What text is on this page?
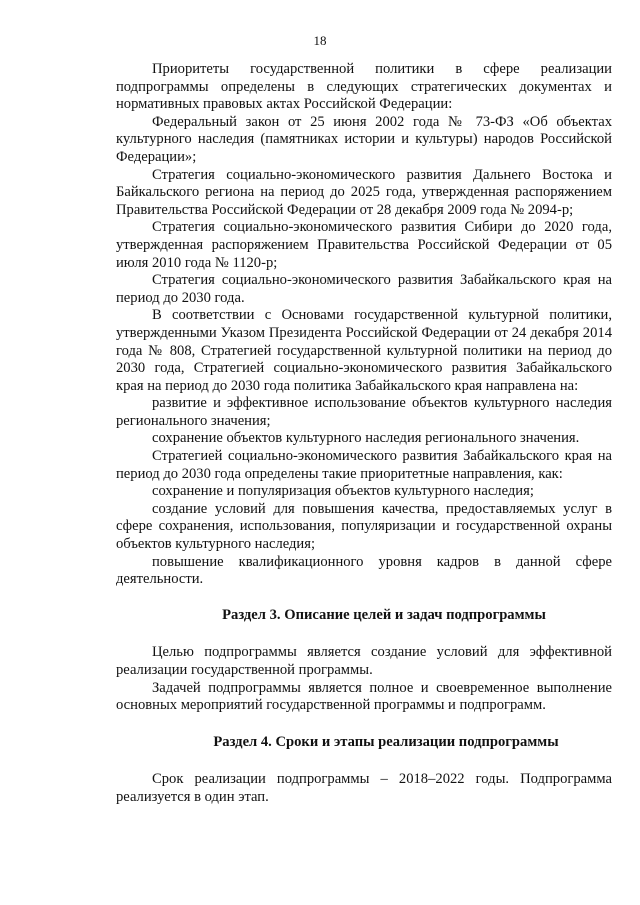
18

Приоритеты государственной политики в сфере реализации подпрограммы определены в следующих стратегических документах и нормативных правовых актах Российской Федерации:

Федеральный закон от 25 июня 2002 года № 73-ФЗ «Об объектах культурного наследия (памятниках истории и культуры) народов Российской Федерации»;

Стратегия социально-экономического развития Дальнего Востока и Байкальского региона на период до 2025 года, утвержденная распоряжением Правительства Российской Федерации от 28 декабря 2009 года № 2094-р;

Стратегия социально-экономического развития Сибири до 2020 года, утвержденная распоряжением Правительства Российской Федерации от 05 июля 2010 года № 1120-р;

Стратегия социально-экономического развития Забайкальского края на период до 2030 года.

В соответствии с Основами государственной культурной политики, утвержденными Указом Президента Российской Федерации от 24 декабря 2014 года № 808, Стратегией государственной культурной политики на период до 2030 года, Стратегией социально-экономического развития Забайкальского края на период до 2030 года политика Забайкальского края направлена на:

развитие и эффективное использование объектов культурного наследия регионального значения;

сохранение объектов культурного наследия регионального значения.

Стратегией социально-экономического развития Забайкальского края на период до 2030 года определены такие приоритетные направления, как:

сохранение и популяризация объектов культурного наследия;

создание условий для повышения качества, предоставляемых услуг в сфере сохранения, использования, популяризации и государственной охраны объектов культурного наследия;

повышение квалификационного уровня кадров в данной сфере деятельности.

Раздел 3. Описание целей и задач подпрограммы

Целью подпрограммы является создание условий для эффективной реализации государственной программы.

Задачей подпрограммы является полное и своевременное выполнение основных мероприятий государственной программы и подпрограмм.

Раздел 4. Сроки и этапы реализации подпрограммы

Срок реализации подпрограммы – 2018–2022 годы. Подпрограмма реализуется в один этап.
